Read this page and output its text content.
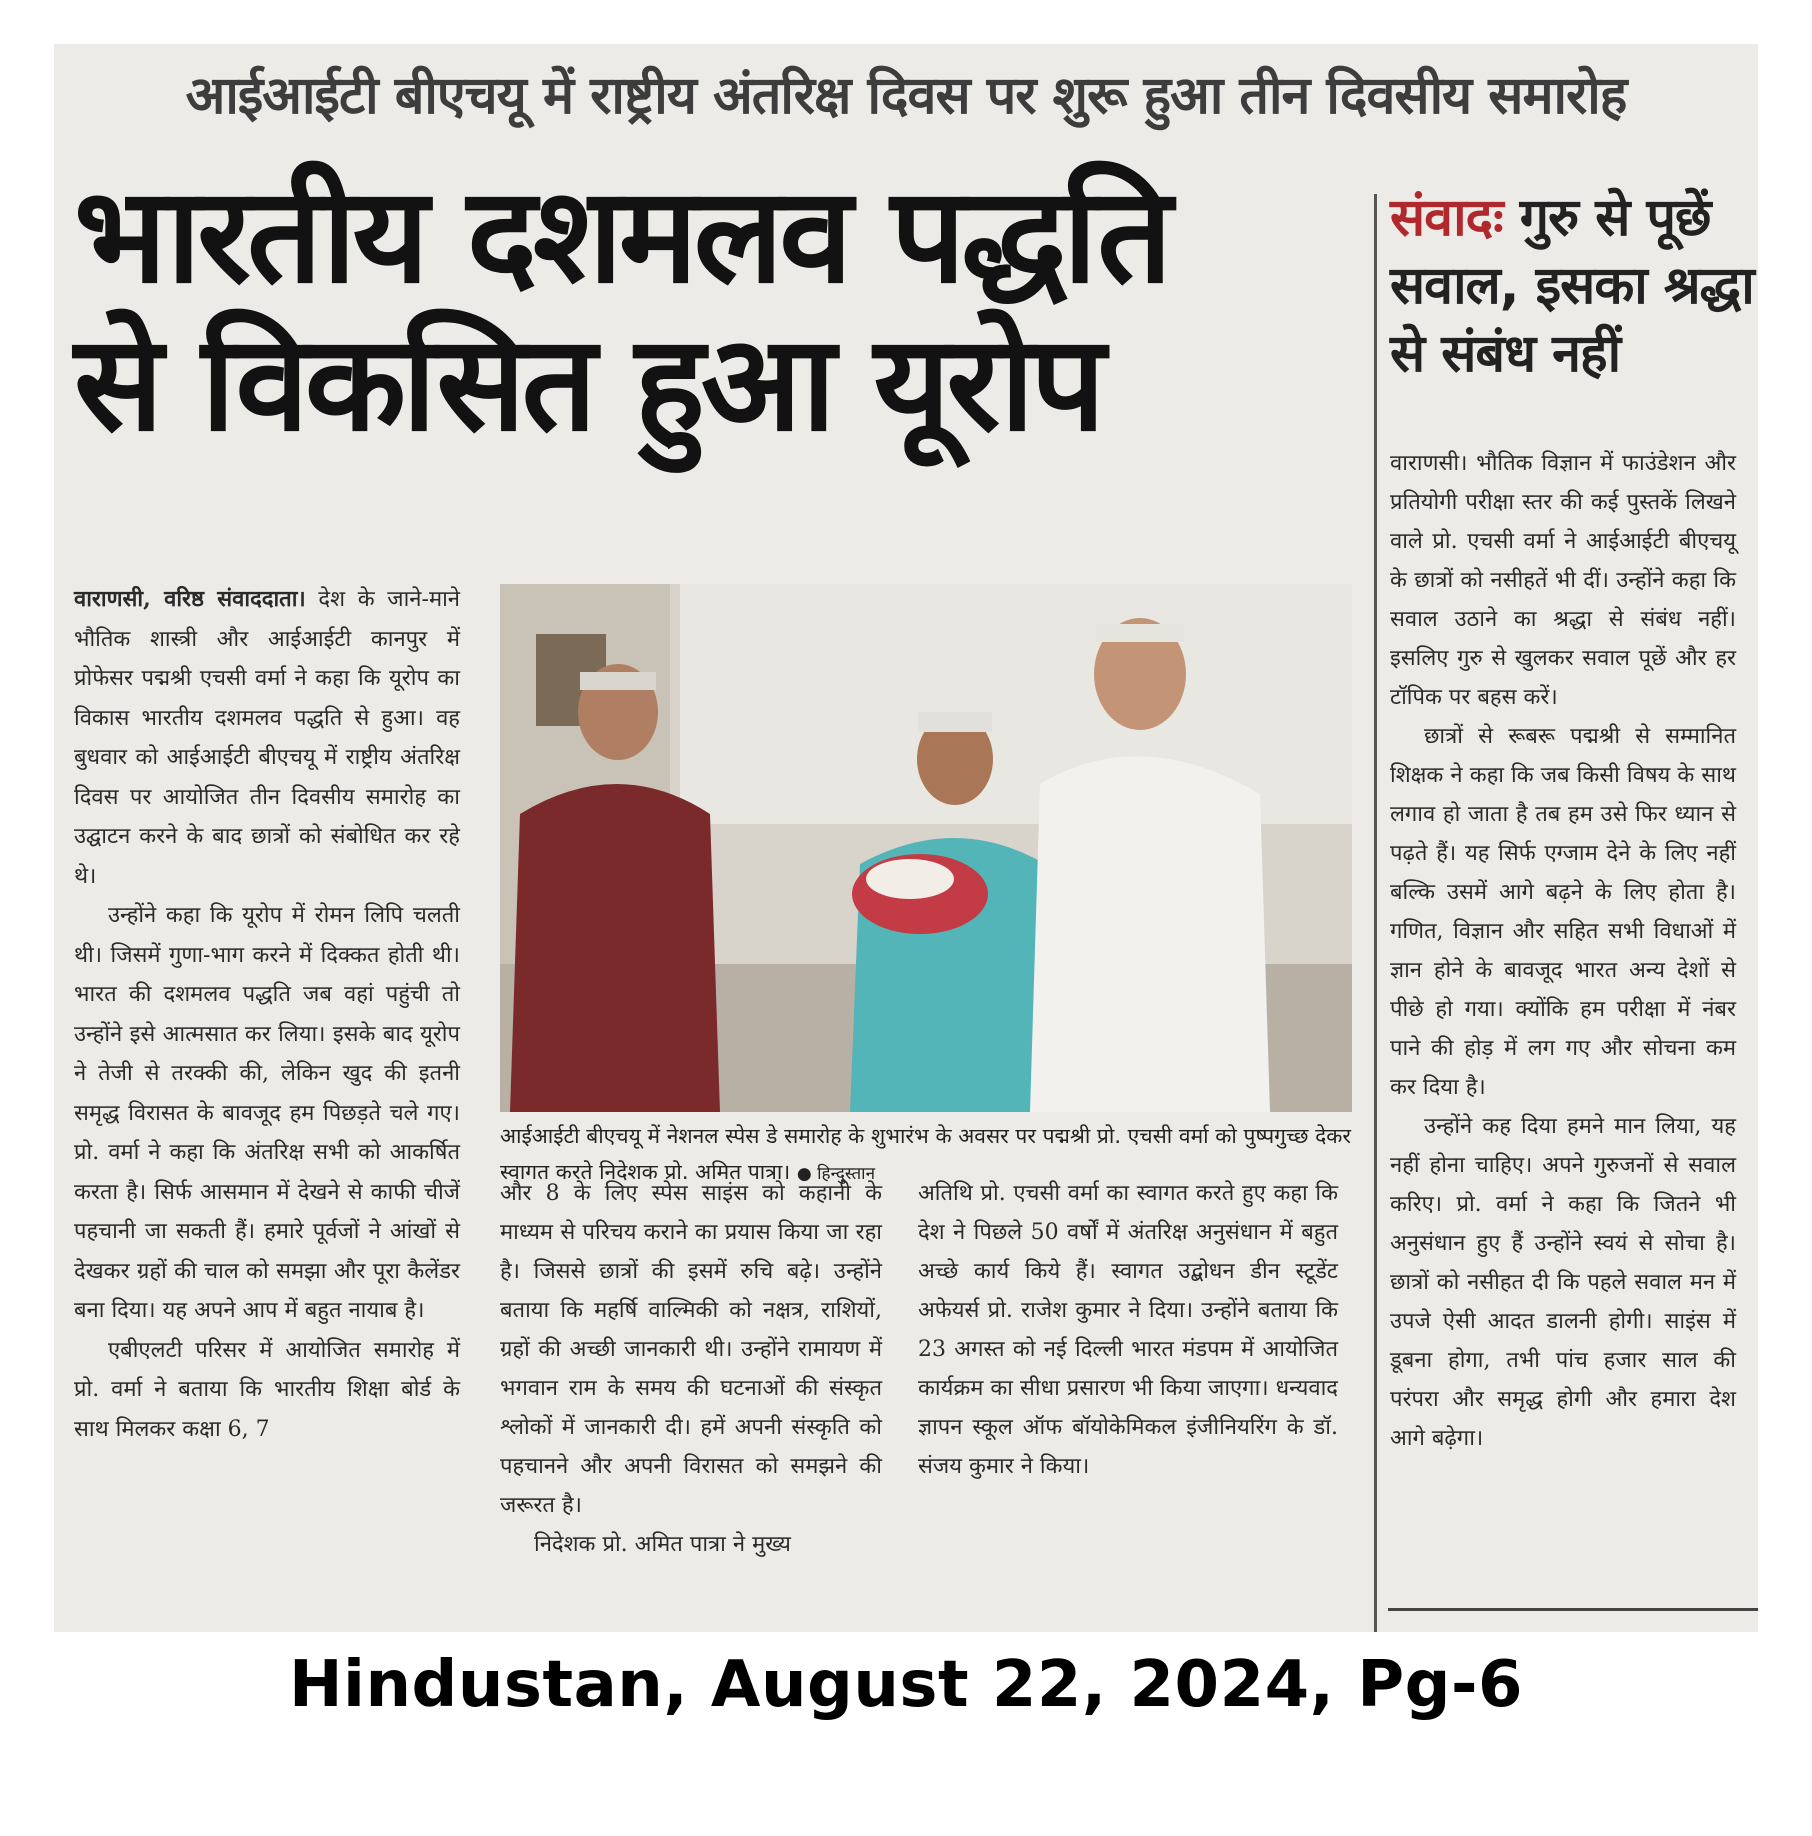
आईआईटी बीएचयू में राष्ट्रीय अंतरिक्ष दिवस पर शुरू हुआ तीन दिवसीय समारोह
भारतीय दशमलव पद्धति
से विकसित हुआ यूरोप

वाराणसी, वरिष्ठ संवाददाता। देश के जाने-माने भौतिक शास्त्री और आईआईटी कानपुर में प्रोफेसर पद्मश्री एचसी वर्मा ने कहा कि यूरोप का विकास भारतीय दशमलव पद्धति से हुआ। वह बुधवार को आईआईटी बीएचयू में राष्ट्रीय अंतरिक्ष दिवस पर आयोजित तीन दिवसीय समारोह का उद्घाटन करने के बाद छात्रों को संबोधित कर रहे थे।

उन्होंने कहा कि यूरोप में रोमन लिपि चलती थी। जिसमें गुणा-भाग करने में दिक्कत होती थी। भारत की दशमलव पद्धति जब वहां पहुंची तो उन्होंने इसे आत्मसात कर लिया। इसके बाद यूरोप ने तेजी से तरक्की की, लेकिन खुद की इतनी समृद्ध विरासत के बावजूद हम पिछड़ते चले गए। प्रो. वर्मा ने कहा कि अंतरिक्ष सभी को आकर्षित करता है। सिर्फ आसमान में देखने से काफी चीजें पहचानी जा सकती हैं। हमारे पूर्वजों ने आंखों से देखकर ग्रहों की चाल को समझा और पूरा कैलेंडर बना दिया। यह अपने आप में बहुत नायाब है।

एबीएलटी परिसर में आयोजित समारोह में प्रो. वर्मा ने बताया कि भारतीय शिक्षा बोर्ड के साथ मिलकर कक्षा 6, 7

आईआईटी बीएचयू में नेशनल स्पेस डे समारोह के शुभारंभ के अवसर पर पद्मश्री प्रो. एचसी वर्मा को पुष्पगुच्छ देकर स्वागत करते निदेशक प्रो. अमित पात्रा। ● हिन्दुस्तान

और 8 के लिए स्पेस साइंस को कहानी के माध्यम से परिचय कराने का प्रयास किया जा रहा है। जिससे छात्रों की इसमें रुचि बढ़े। उन्होंने बताया कि महर्षि वाल्मिकी को नक्षत्र, राशियों, ग्रहों की अच्छी जानकारी थी। उन्होंने रामायण में भगवान राम के समय की घटनाओं की संस्कृत श्लोकों में जानकारी दी। हमें अपनी संस्कृति को पहचानने और अपनी विरासत को समझने की जरूरत है।

निदेशक प्रो. अमित पात्रा ने मुख्य

अतिथि प्रो. एचसी वर्मा का स्वागत करते हुए कहा कि देश ने पिछले 50 वर्षों में अंतरिक्ष अनुसंधान में बहुत अच्छे कार्य किये हैं। स्वागत उद्बोधन डीन स्टूडेंट अफेयर्स प्रो. राजेश कुमार ने दिया। उन्होंने बताया कि 23 अगस्त को नई दिल्ली भारत मंडपम में आयोजित कार्यक्रम का सीधा प्रसारण भी किया जाएगा। धन्यवाद ज्ञापन स्कूल ऑफ बॉयोकेमिकल इंजीनियरिंग के डॉ. संजय कुमार ने किया।

संवादः गुरु से पूछें सवाल, इसका श्रद्धा से संबंध नहीं

वाराणसी। भौतिक विज्ञान में फाउंडेशन और प्रतियोगी परीक्षा स्तर की कई पुस्तकें लिखने वाले प्रो. एचसी वर्मा ने आईआईटी बीएचयू के छात्रों को नसीहतें भी दीं। उन्होंने कहा कि सवाल उठाने का श्रद्धा से संबंध नहीं। इसलिए गुरु से खुलकर सवाल पूछें और हर टॉपिक पर बहस करें।

छात्रों से रूबरू पद्मश्री से सम्मानित शिक्षक ने कहा कि जब किसी विषय के साथ लगाव हो जाता है तब हम उसे फिर ध्यान से पढ़ते हैं। यह सिर्फ एग्जाम देने के लिए नहीं बल्कि उसमें आगे बढ़ने के लिए होता है। गणित, विज्ञान और सहित सभी विधाओं में ज्ञान होने के बावजूद भारत अन्य देशों से पीछे हो गया। क्योंकि हम परीक्षा में नंबर पाने की होड़ में लग गए और सोचना कम कर दिया है।

उन्होंने कह दिया हमने मान लिया, यह नहीं होना चाहिए। अपने गुरुजनों से सवाल करिए। प्रो. वर्मा ने कहा कि जितने भी अनुसंधान हुए हैं उन्होंने स्वयं से सोचा है। छात्रों को नसीहत दी कि पहले सवाल मन में उपजे ऐसी आदत डालनी होगी। साइंस में डूबना होगा, तभी पांच हजार साल की परंपरा और समृद्ध होगी और हमारा देश आगे बढ़ेगा।

Hindustan, August 22, 2024, Pg-6
